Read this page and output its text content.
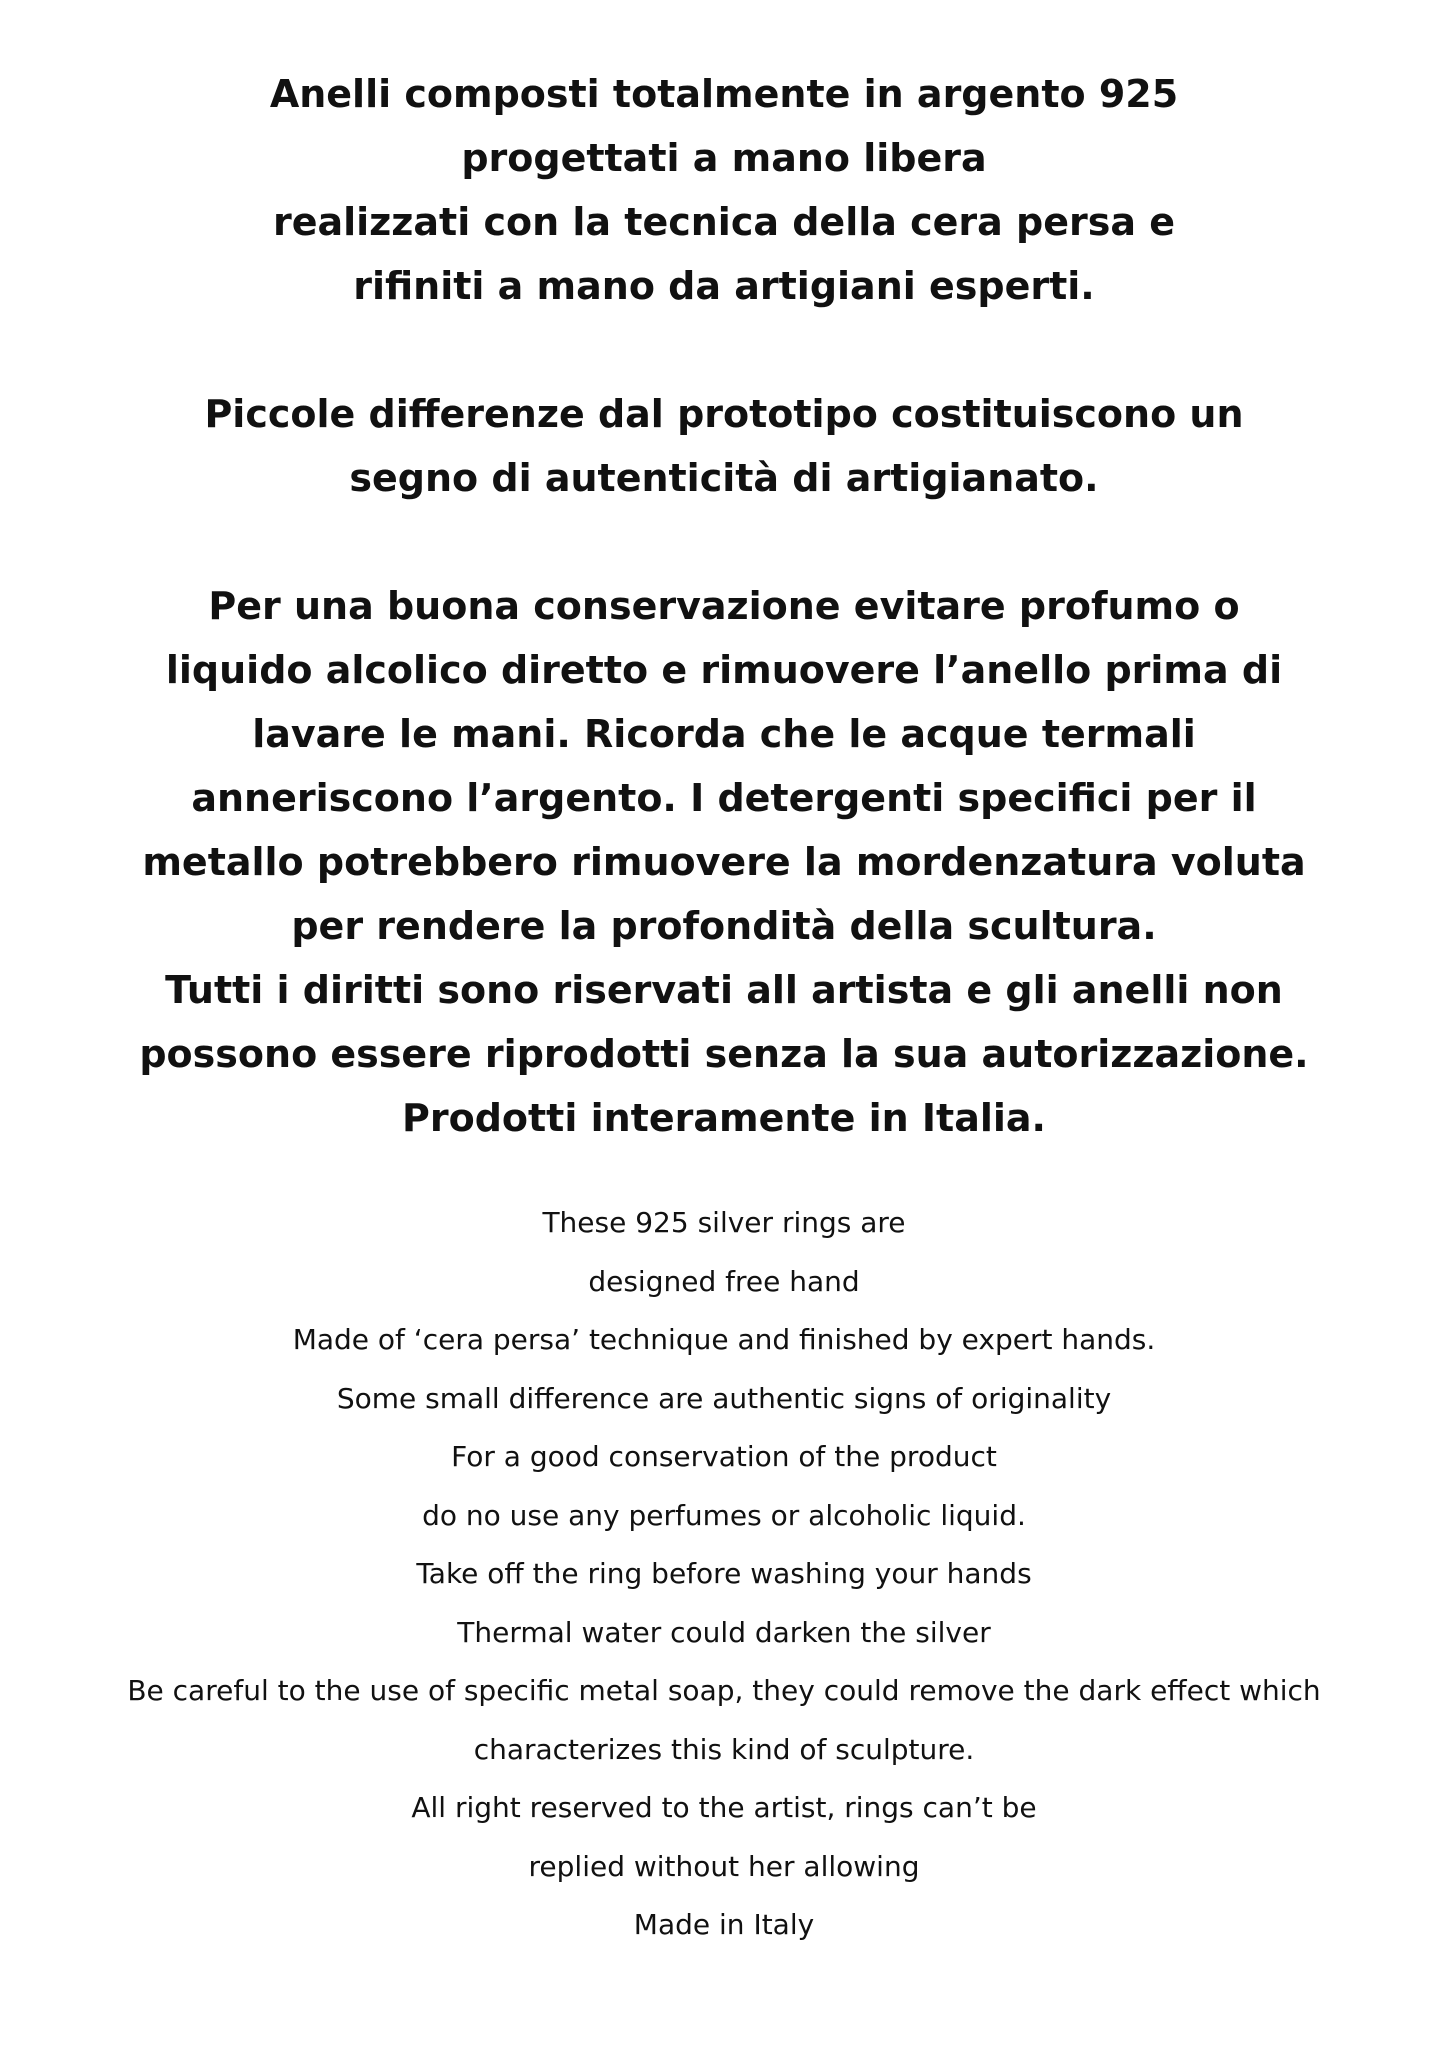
Anelli composti totalmente in argento 925
progettati a mano libera
realizzati con la tecnica della cera persa e
rifiniti a mano da artigiani esperti.
Piccole differenze dal prototipo costituiscono un
segno di autenticità di artigianato.
Per una buona conservazione evitare profumo o
liquido alcolico diretto e rimuovere l’anello prima di
lavare le mani. Ricorda che le acque termali
anneriscono l’argento. I detergenti specifici per il
metallo potrebbero rimuovere la mordenzatura voluta
per rendere la profondità della scultura.
Tutti i diritti sono riservati all artista e gli anelli non
possono essere riprodotti senza la sua autorizzazione.
Prodotti interamente in Italia.
These 925 silver rings are
designed free hand
Made of ‘cera persa’ technique and finished by expert hands.
Some small difference are authentic signs of originality
For a good conservation of the product
do no use any perfumes or alcoholic liquid.
Take off the ring before washing your hands
Thermal water could darken the silver
Be careful to the use of specific metal soap, they could remove the dark effect which
characterizes this kind of sculpture.
All right reserved to the artist, rings can’t be
replied without her allowing
Made in Italy
